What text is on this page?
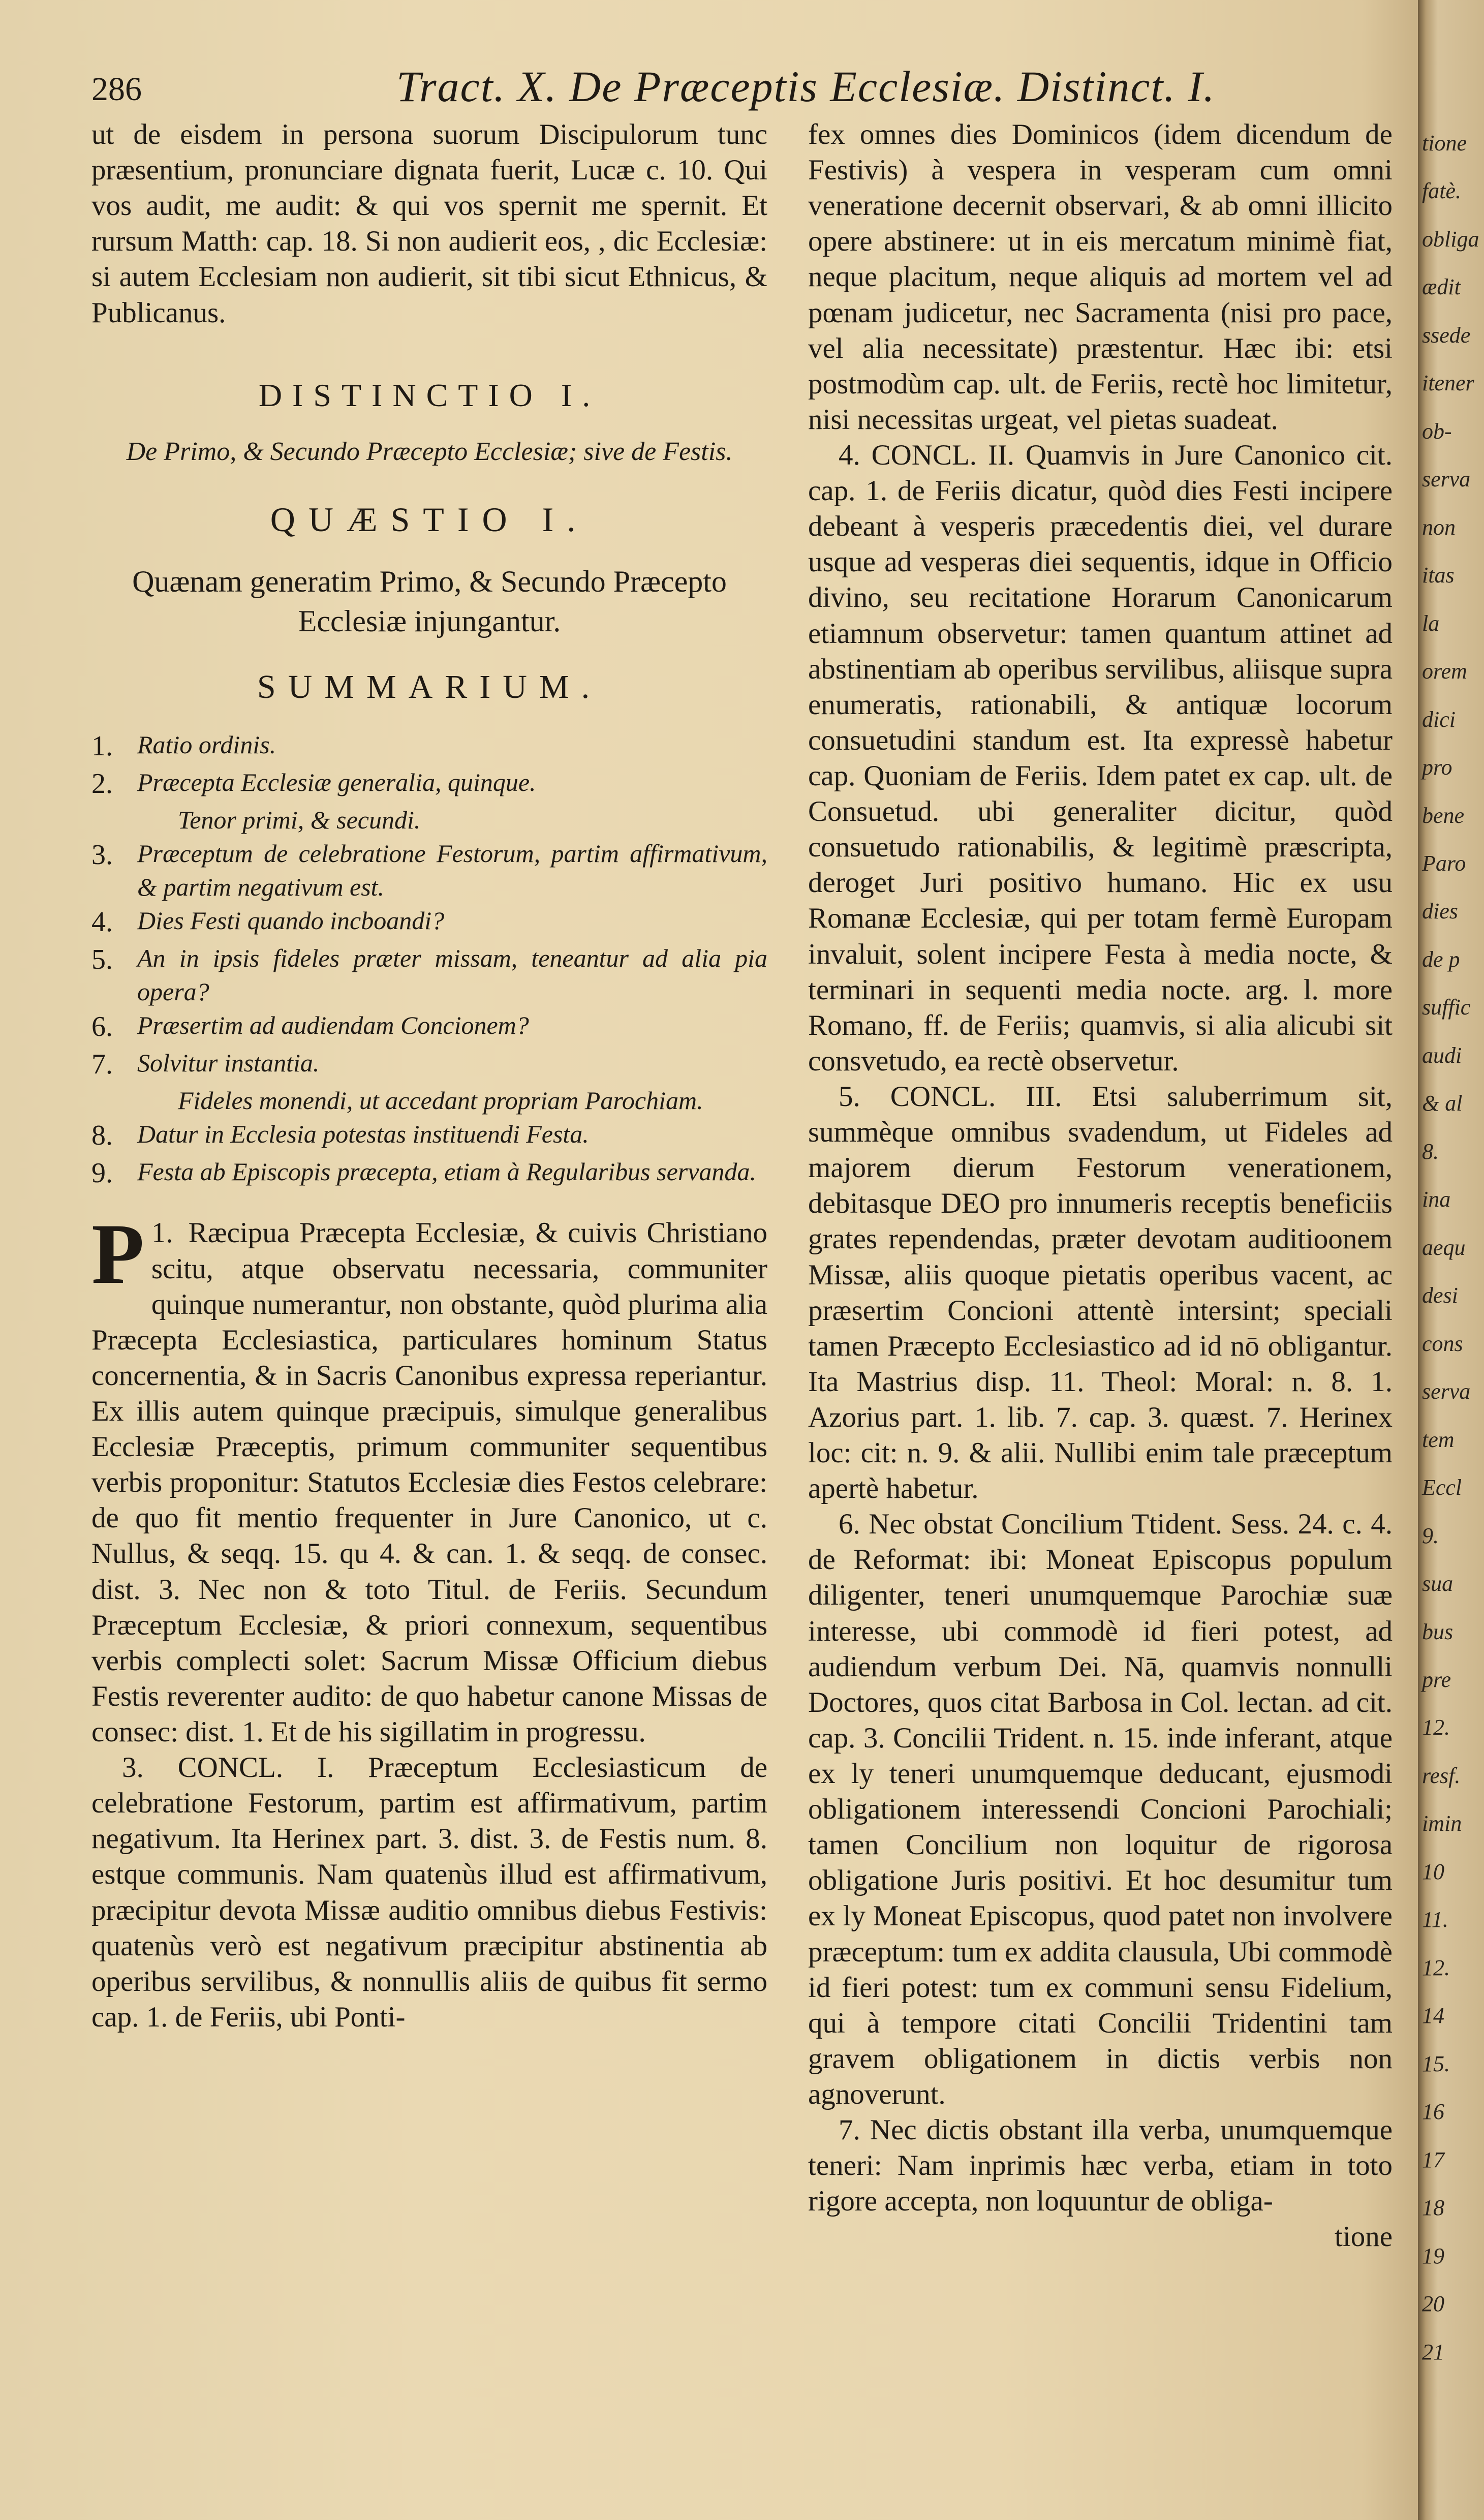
286	Tract. X. De Præceptis Ecclesiæ. Distinct. I.

ut de eisdem in persona suorum Discipulorum tunc præsentium, pronunciare dignata fuerit, Lucæ c. 10. Qui vos audit, me audit: & qui vos spernit me spernit. Et rursum Matth: cap. 18. Si non audierit eos, , dic Ecclesiæ: si autem Ecclesiam non audierit, sit tibi sicut Ethnicus, & Publicanus.

DISTINCTIO I.
De Primo, & Secundo Præcepto Ecclesiæ; sive de Festis.
QUÆSTIO I.
Quænam generatim Primo, & Secundo Præcepto Ecclesiæ injungantur.
SUMMARIUM.
1. Ratio ordinis.
2. Præcepta Ecclesiæ generalia, quinque.
Tenor primi, & secundi.
3. Præceptum de celebratione Festorum, partim affirmativum, & partim negativum est.
4. Dies Festi quando incboandi?
5. An in ipsis fideles præter missam, teneantur ad alia pia opera?
6. Præsertim ad audiendam Concionem?
7. Solvitur instantia.
Fideles monendi, ut accedant propriam Parochiam.
8. Datur in Ecclesia potestas instituendi Festa.
9. Festa ab Episcopis præcepta, etiam à Regularibus servanda.

1.
P Ræcipua Præcepta Ecclesiæ, & cuivis Christiano scitu, atque observatu necessaria, communiter quinque numerantur, non obstante, quòd plurima alia Præcepta Ecclesiastica, particulares hominum Status concernentia, & in Sacris Canonibus expressa reperiantur. Ex illis autem quinque præcipuis, simulque generalibus Ecclesiæ Præceptis, primum communiter sequentibus verbis proponitur: Statutos Ecclesiæ dies Festos celebrare: de quo fit mentio frequenter in Jure Canonico, ut c. Nullus, & seqq. 15. qu 4. & can. 1. & seqq. de consec. dist. 3. Nec non & toto Titul. de Feriis. Secundum Præceptum Ecclesiæ, & priori connexum, sequentibus verbis complecti solet: Sacrum Missæ Officium diebus Festis reverenter audito: de quo habetur canone Missas de consec: dist. 1. Et de his sigillatim in progressu.

3. CONCL. I. Præceptum Ecclesiasticum de celebratione Festorum, partim est affirmativum, partim negativum. Ita Herinex part. 3. dist. 3. de Festis num. 8. estque communis. Nam quatenùs illud est affirmativum, præcipitur devota Missæ auditio omnibus diebus Festivis: quatenùs verò est negativum præcipitur abstinentia ab operibus servilibus, & nonnullis aliis de quibus fit sermo cap. 1. de Feriis, ubi Ponti-

fex omnes dies Dominicos (idem dicendum de Festivis) à vespera in vesperam cum omni veneratione decernit observari, & ab omni illicito opere abstinere: ut in eis mercatum minimè fiat, neque placitum, neque aliquis ad mortem vel ad pœnam judicetur, nec Sacramenta (nisi pro pace, vel alia necessitate) præstentur. Hæc ibi: etsi postmodùm cap. ult. de Feriis, rectè hoc limitetur, nisi necessitas urgeat, vel pietas suadeat.

4. CONCL. II. Quamvis in Jure Canonico cit. cap. 1. de Feriis dicatur, quòd dies Festi incipere debeant à vesperis præcedentis diei, vel durare usque ad vesperas diei sequentis, idque in Officio divino, seu recitatione Horarum Canonicarum etiamnum observetur: tamen quantum attinet ad abstinentiam ab operibus servilibus, aliisque supra enumeratis, rationabili, & antiquæ locorum consuetudini standum est. Ita expressè habetur cap. Quoniam de Feriis. Idem patet ex cap. ult. de Consuetud. ubi generaliter dicitur, quòd consuetudo rationabilis, & legitimè præscripta, deroget Juri positivo humano. Hic ex usu Romanæ Ecclesiæ, qui per totam fermè Europam invaluit, solent incipere Festa à media nocte, & terminari in sequenti media nocte. arg. l. more Romano, ff. de Feriis; quamvis, si alia alicubi sit consvetudo, ea rectè observetur.

5. CONCL. III. Etsi saluberrimum sit, summèque omnibus svadendum, ut Fideles ad majorem dierum Festorum venerationem, debitasque DEO pro innumeris receptis beneficiis grates rependendas, præter devotam auditioonem Missæ, aliis quoque pietatis operibus vacent, ac præsertim Concioni attentè intersint; speciali tamen Præcepto Ecclesiastico ad id nō obligantur. Ita Mastrius disp. 11. Theol: Moral: n. 8. 1. Azorius part. 1. lib. 7. cap. 3. quæst. 7. Herinex loc: cit: n. 9. & alii. Nullibi enim tale præceptum apertè habetur.

6. Nec obstat Concilium Ttident. Sess. 24. c. 4. de Reformat: ibi: Moneat Episcopus populum diligenter, teneri unumquemque Parochiæ suæ interesse, ubi commodè id fieri potest, ad audiendum verbum Dei. Nā, quamvis nonnulli Doctores, quos citat Barbosa in Col. lectan. ad cit. cap. 3. Concilii Trident. n. 15. inde inferant, atque ex ly teneri unumquemque deducant, ejusmodi obligationem interessendi Concioni Parochiali; tamen Concilium non loquitur de rigorosa obligatione Juris positivi. Et hoc desumitur tum ex ly Moneat Episcopus, quod patet non involvere præceptum: tum ex addita clausula, Ubi commodè id fieri potest: tum ex communi sensu Fidelium, qui à tempore citati Concilii Tridentini tam gravem obligationem in dictis verbis non agnoverunt.

7. Nec dictis obstant illa verba, unumquemque teneri: Nam inprimis hæc verba, etiam in toto rigore accepta, non loquuntur de obliga-

tione

tione
fatè.
obliga
ædit
ssede
itener
ob-
serva
non
itas
la
orem
dici
pro
bene
Paro
dies
de p
suffic
audi
& al
8.
ina
aequ
desi
cons
serva
tem
Eccl
9.
sua
bus
pre
12.
resf.
imin
10
11.
12.
14
15.
16
17
18
19
20
21
